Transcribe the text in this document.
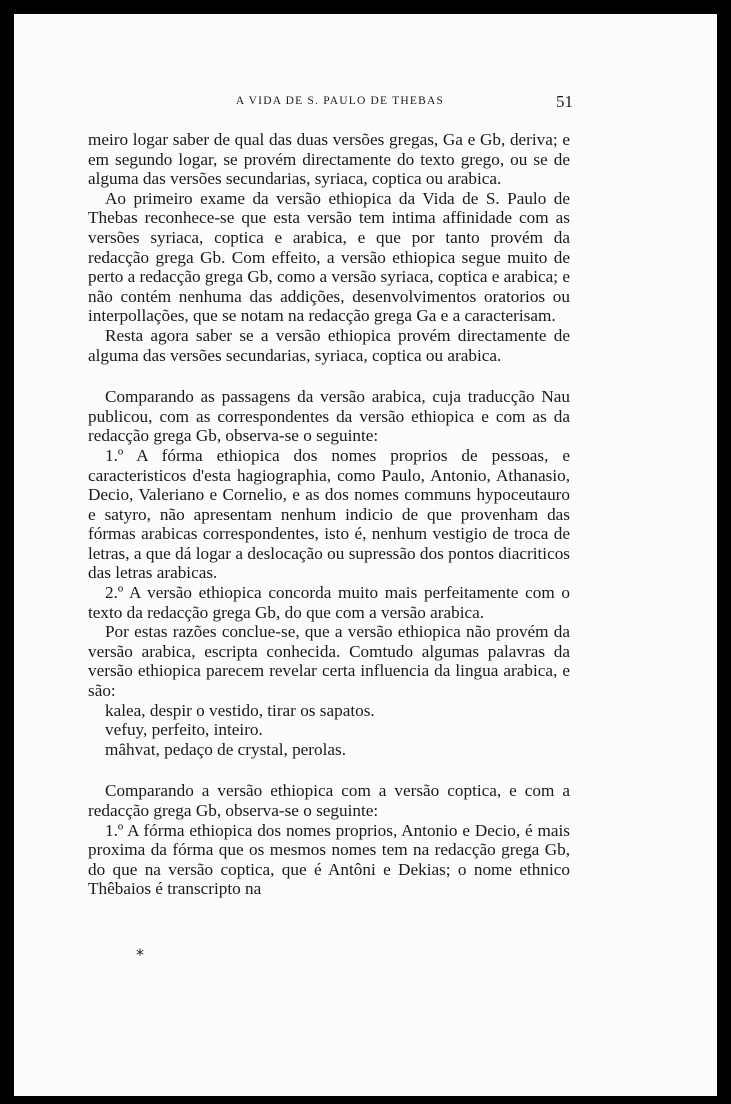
A VIDA DE S. PAULO DE THEBAS	51

meiro logar saber de qual das duas versões gregas, Ga e Gb, deriva; e em segundo logar, se provém directamente do texto grego, ou se de alguma das versões secundarias, syriaca, coptica ou arabica.

Ao primeiro exame da versão ethiopica da Vida de S. Paulo de Thebas reconhece-se que esta versão tem intima affinidade com as versões syriaca, coptica e arabica, e que por tanto provém da redacção grega Gb. Com effeito, a versão ethiopica segue muito de perto a redacção grega Gb, como a versão syriaca, coptica e arabica; e não contém nenhuma das addições, desenvolvimentos oratorios ou interpollações, que se notam na redacção grega Ga e a caracterisam.

Resta agora saber se a versão ethiopica provém directamente de alguma das versões secundarias, syriaca, coptica ou arabica.

Comparando as passagens da versão arabica, cuja traducção Nau publicou, com as correspondentes da versão ethiopica e com as da redacção grega Gb, observa-se o seguinte:

1.º A fórma ethiopica dos nomes proprios de pessoas, e caracteristicos d'esta hagiographia, como Paulo, Antonio, Athanasio, Decio, Valeriano e Cornelio, e as dos nomes communs hypoceutauro e satyro, não apresentam nenhum indicio de que provenham das fórmas arabicas correspondentes, isto é, nenhum vestigio de troca de letras, a que dá logar a deslocação ou supressão dos pontos diacriticos das letras arabicas.

2.º A versão ethiopica concorda muito mais perfeitamente com o texto da redacção grega Gb, do que com a versão arabica.

Por estas razões conclue-se, que a versão ethiopica não provém da versão arabica, escripta conhecida. Comtudo algumas palavras da versão ethiopica parecem revelar certa influencia da lingua arabica, e são:

kalea, despir o vestido, tirar os sapatos.

vefuy, perfeito, inteiro.

mȃhvat, pedaço de crystal, perolas.

Comparando a versão ethiopica com a versão coptica, e com a redacção grega Gb, observa-se o seguinte:

1.º A fórma ethiopica dos nomes proprios, Antonio e Decio, é mais proxima da fórma que os mesmos nomes tem na redacção grega Gb, do que na versão coptica, que é Antôni e Dekias; o nome ethnico Thêbaios é transcripto na

*
